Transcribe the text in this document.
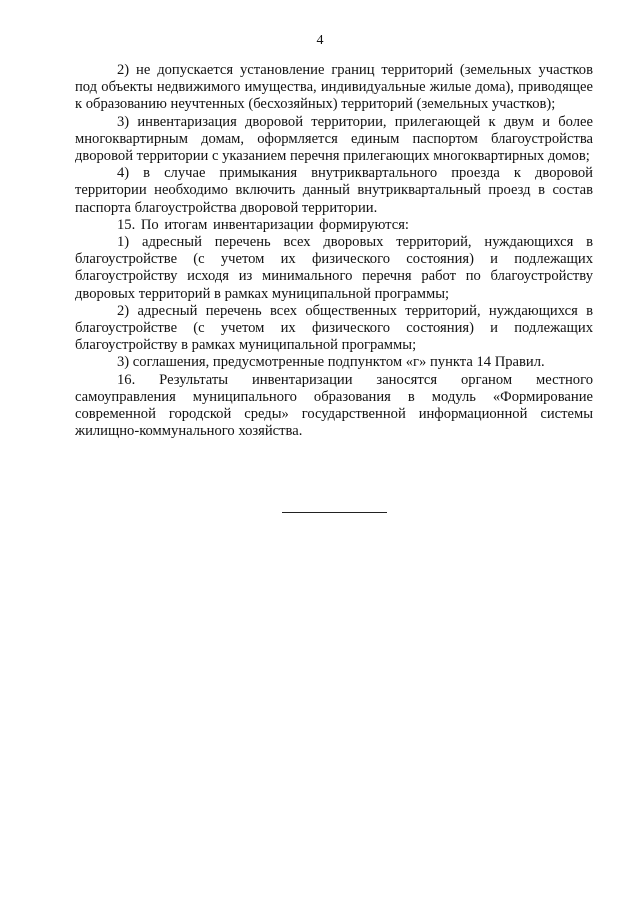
4

2) не допускается установление границ территорий (земельных участков под объекты недвижимого имущества, индивидуальные жилые дома), приводящее к образованию неучтенных (бесхозяйных) территорий (земельных участков);

3) инвентаризация дворовой территории, прилегающей к двум и более многоквартирным домам, оформляется единым паспортом благоустройства дворовой территории с указанием перечня прилегающих многоквартирных домов;

4) в случае примыкания внутриквартального проезда к дворовой территории необходимо включить данный внутриквартальный проезд в состав паспорта благоустройства дворовой территории.

15. По итогам инвентаризации формируются:

1) адресный перечень всех дворовых территорий, нуждающихся в благоустройстве (с учетом их физического состояния) и подлежащих благоустройству исходя из минимального перечня работ по благоустройству дворовых территорий в рамках муниципальной программы;

2) адресный перечень всех общественных территорий, нуждающихся в благоустройстве (с учетом их физического состояния) и подлежащих благоустройству в рамках муниципальной программы;

3) соглашения, предусмотренные подпунктом «г» пункта 14 Правил.

16. Результаты инвентаризации заносятся органом местного самоуправления муниципального образования в модуль «Формирование современной городской среды» государственной информационной системы жилищно-коммунального хозяйства.
